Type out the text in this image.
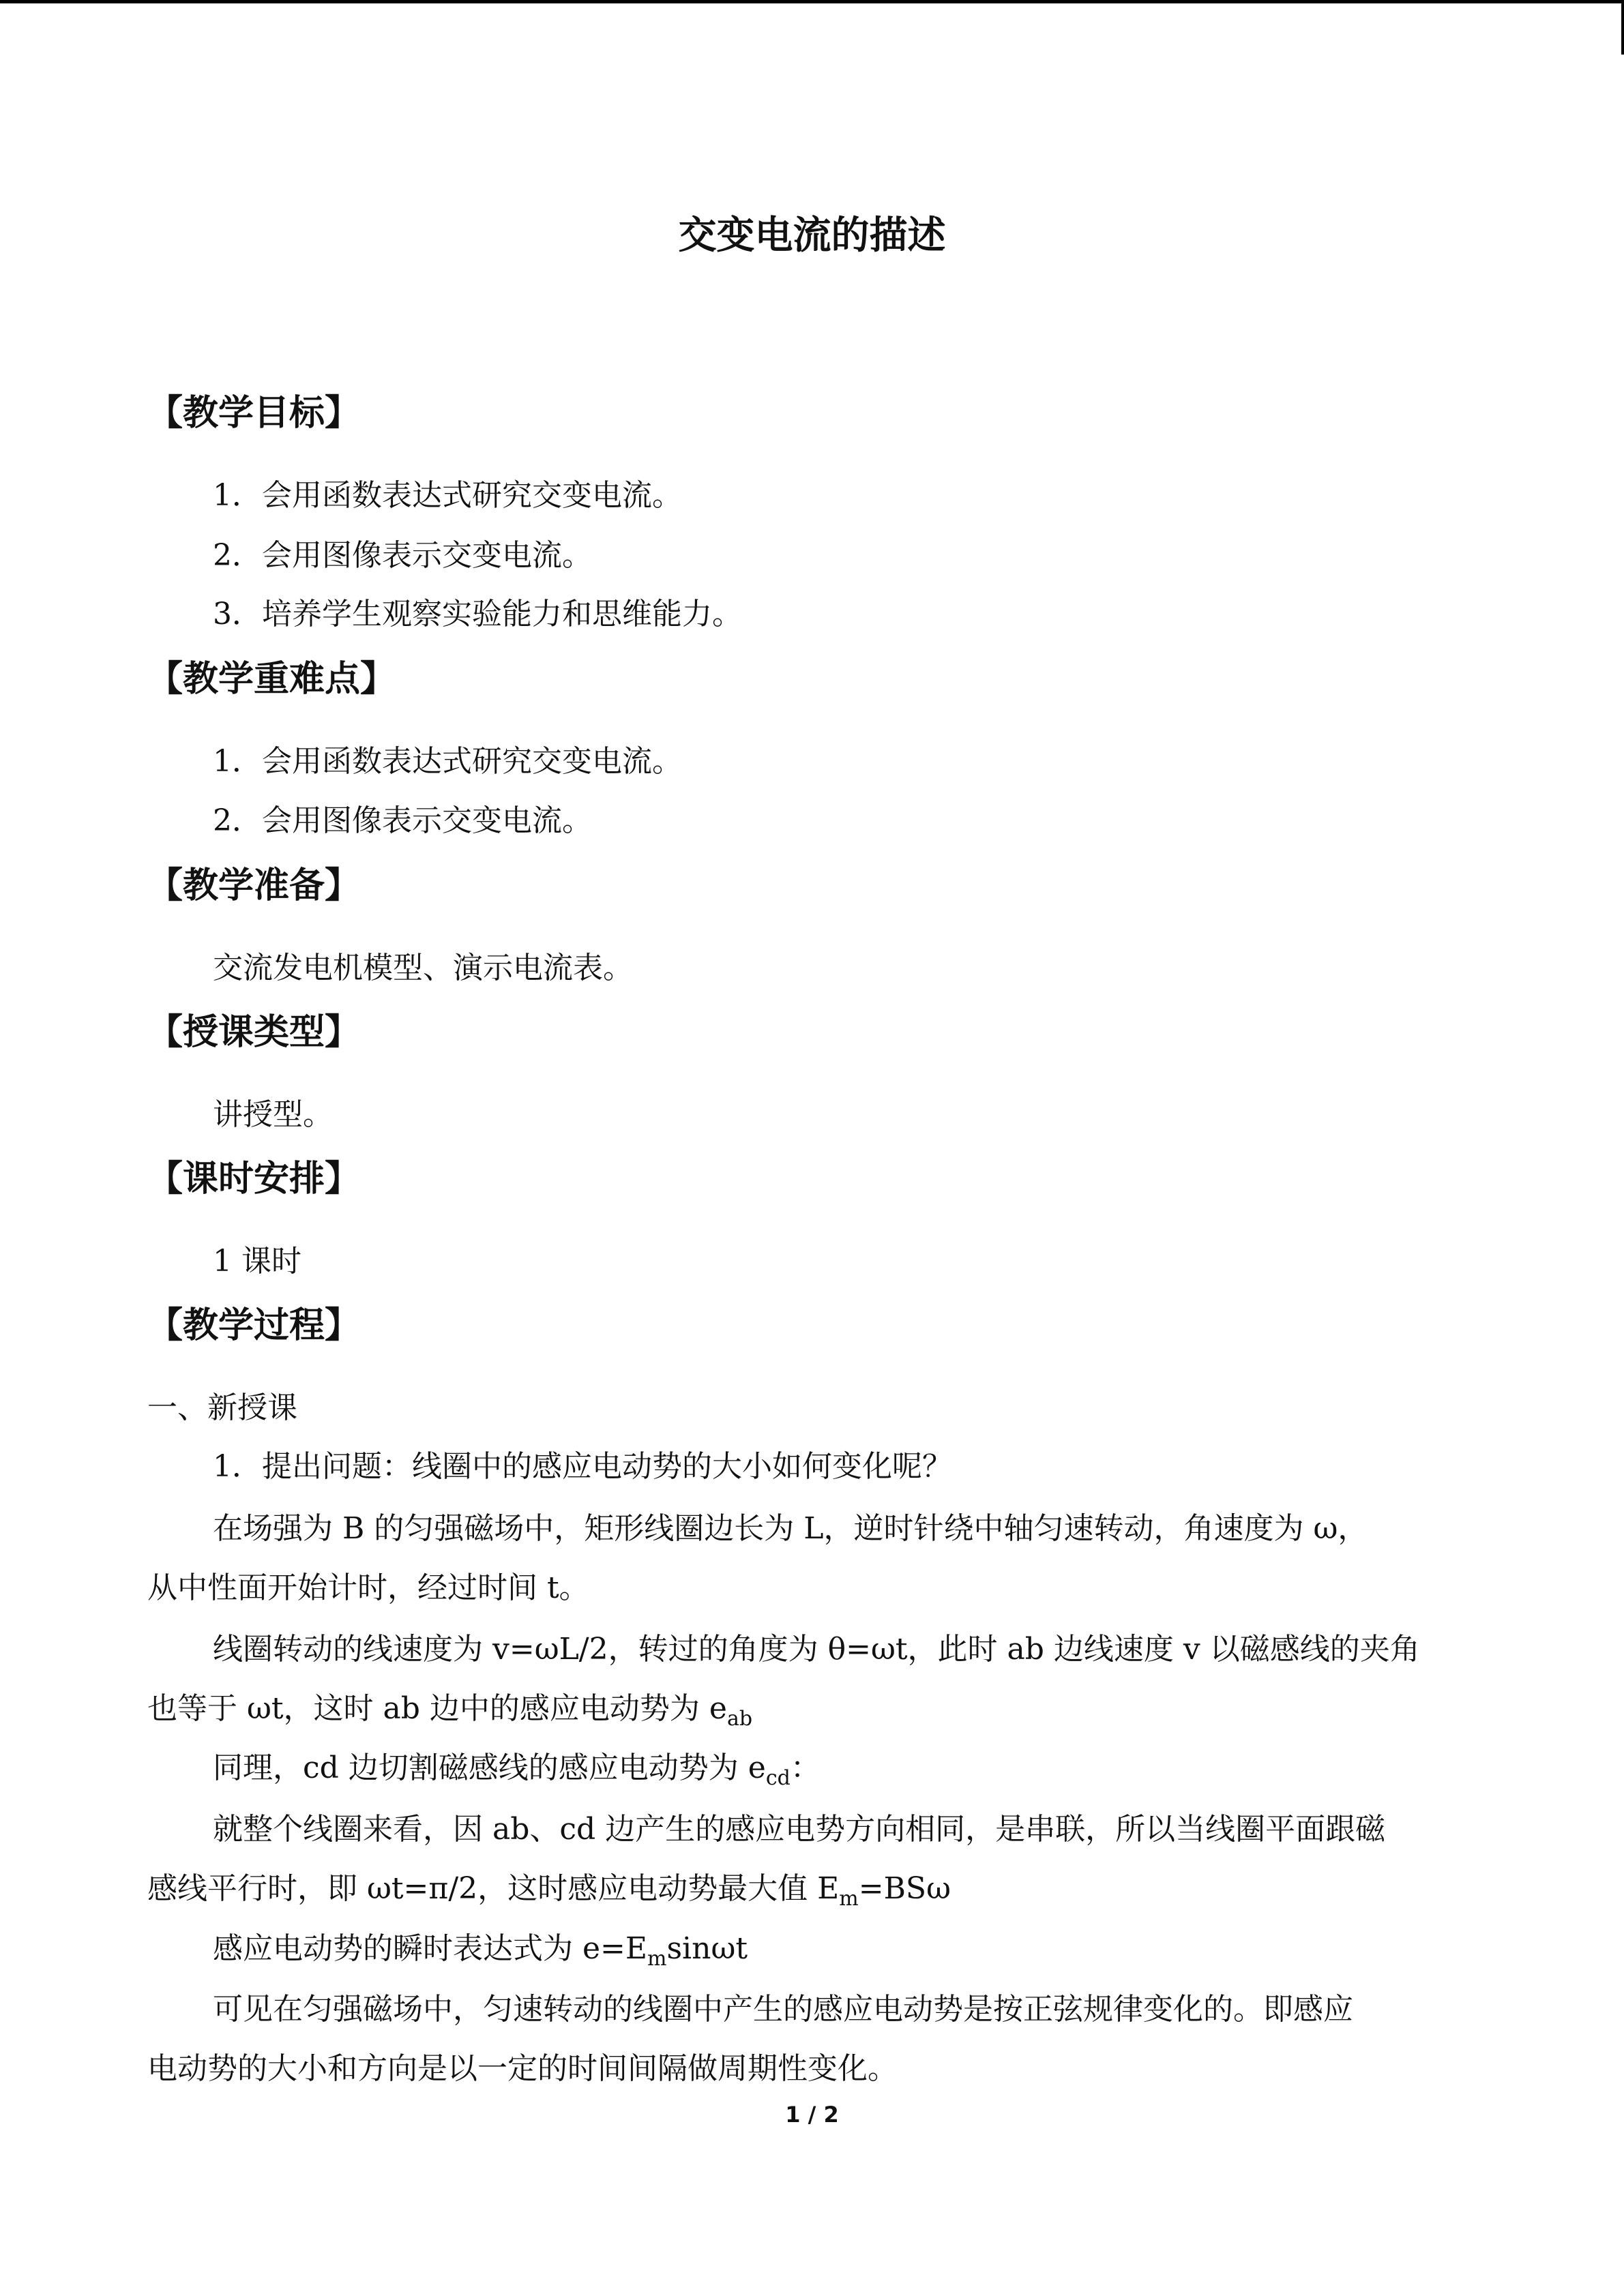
交变电流的描述
【教学目标】
1．会用函数表达式研究交变电流。
2．会用图像表示交变电流。
3．培养学生观察实验能力和思维能力。
【教学重难点】
1．会用函数表达式研究交变电流。
2．会用图像表示交变电流。
【教学准备】
交流发电机模型、演示电流表。
【授课类型】
讲授型。
【课时安排】
1 课时
【教学过程】
一、新授课
1．提出问题：线圈中的感应电动势的大小如何变化呢？
在场强为 B 的匀强磁场中，矩形线圈边长为 L，逆时针绕中轴匀速转动，角速度为 ω，
从中性面开始计时，经过时间 t。
线圈转动的线速度为 v=ωL/2，转过的角度为 θ=ωt，此时 ab 边线速度 v 以磁感线的夹角
也等于 ωt，这时 ab 边中的感应电动势为 $e_{ab}$
同理，cd 边切割磁感线的感应电动势为 $e_{cd}$：
就整个线圈来看，因 ab、cd 边产生的感应电势方向相同，是串联，所以当线圈平面跟磁
感线平行时，即 ωt=π/2，这时感应电动势最大值 $E_m=BS\omega$
感应电动势的瞬时表达式为 $e=E_m\sin\omega t$
可见在匀强磁场中，匀速转动的线圈中产生的感应电动势是按正弦规律变化的。即感应
电动势的大小和方向是以一定的时间间隔做周期性变化。
1 / 2
